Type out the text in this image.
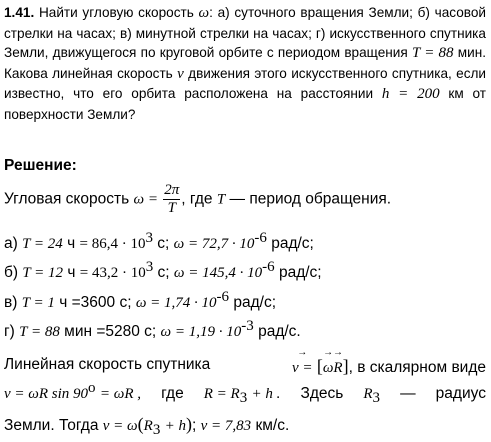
1.41. Найти угловую скорость ω: а) суточного вращения Земли; б) часовой стрелки на часах; в) минутной стрелки на часах; г) искусственного спутника Земли, движущегося по круговой орбите с периодом вращения T = 88 мин. Какова линейная скорость v движения этого искусственного спутника, если известно, что его орбита расположена на расстоянии h = 200 км от поверхности Земли?
Решение:
Угловая скорость $\omega = \frac{2\pi}{T}$ , где T — период обращения.
а) T = 24 $ч = 86,4 \cdot 10^3$ с; $\omega = 72,7 \cdot 10^{-6}$ рад/с;
б) T = 12 $ч = 43,2 \cdot 10^3$ с; $\omega = 145,4 \cdot 10^{-6}$ рад/с;
в) T = 1 ч =3600 с; $\omega = 1,74 \cdot 10^{-6}$ рад/с;
г) T = 88 мин =5280 с; $\omega = 1,19 \cdot 10^{-3}$ рад/с.
Линейная скорость спутника
→	v = [→ ω→ R], в скалярном виде
v = ωR $\sin 90^o = \omega R$ , где $R = R_3 + h$ . Здесь $R_3$ — радиус
Земли. Тогда $v = \omega(R_3 + h)$; v = 7,83 км/с.
